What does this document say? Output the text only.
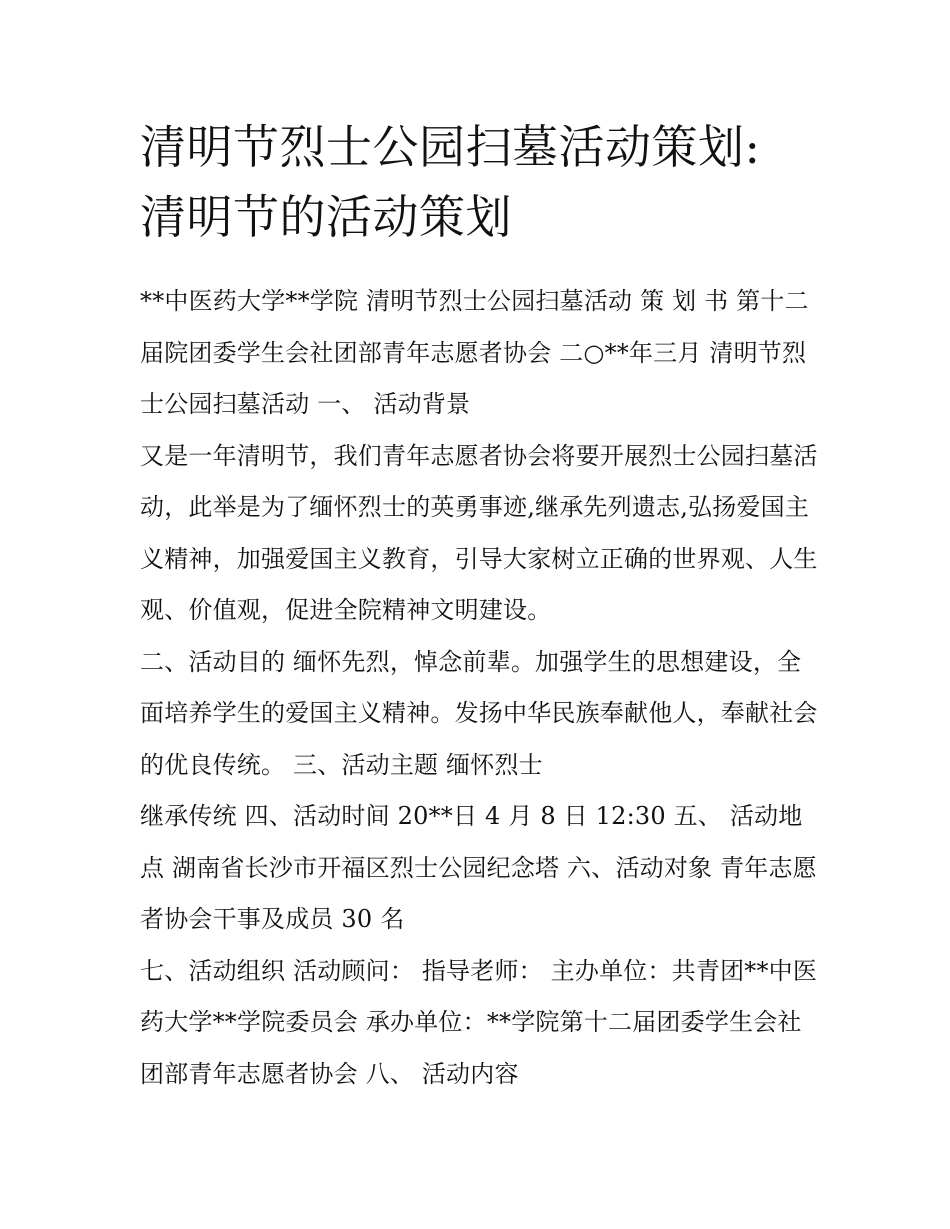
清明节烈士公园扫墓活动策划:
清明节的活动策划

**中医药大学**学院 清明节烈士公园扫墓活动 策 划 书 第十二届院团委学生会社团部青年志愿者协会 二○**年三月 清明节烈士公园扫墓活动 一、 活动背景

又是一年清明节，我们青年志愿者协会将要开展烈士公园扫墓活动，此举是为了缅怀烈士的英勇事迹,继承先列遗志,弘扬爱国主义精神，加强爱国主义教育，引导大家树立正确的世界观、人生观、价值观，促进全院精神文明建设。

二、活动目的 缅怀先烈，悼念前辈。加强学生的思想建设，全面培养学生的爱国主义精神。发扬中华民族奉献他人，奉献社会的优良传统。 三、活动主题 缅怀烈士

继承传统 四、活动时间 20**日 4 月 8 日 12:30 五、 活动地点 湖南省长沙市开福区烈士公园纪念塔 六、活动对象 青年志愿者协会干事及成员 30 名

七、活动组织 活动顾问： 指导老师： 主办单位：共青团**中医药大学**学院委员会 承办单位：**学院第十二届团委学生会社团部青年志愿者协会 八、 活动内容
